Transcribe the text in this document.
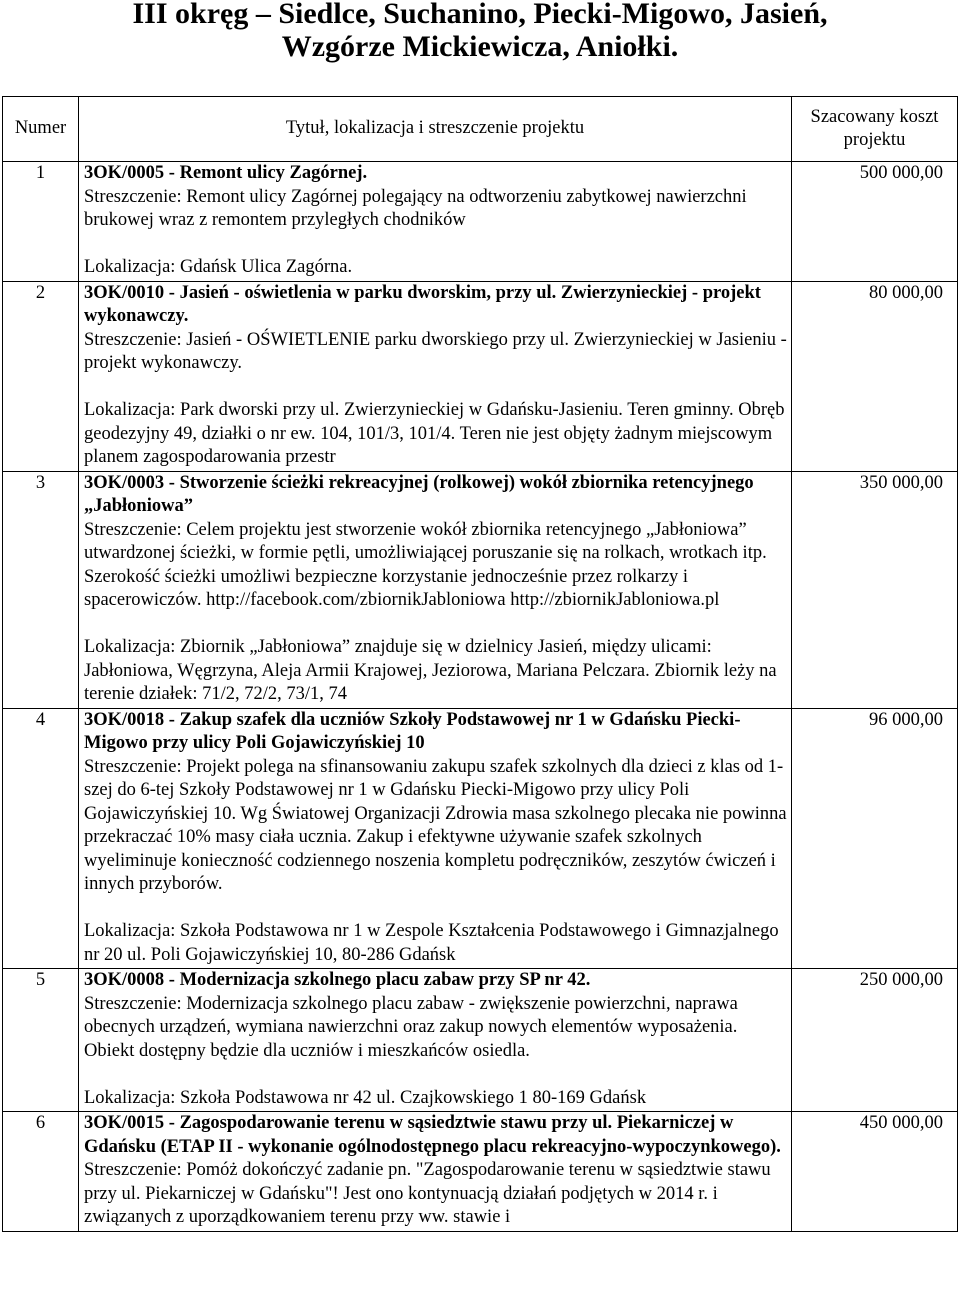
III okręg – Siedlce, Suchanino, Piecki-Migowo, Jasień,
Wzgórze Mickiewicza, Aniołki.
Numer	Tytuł, lokalizacja i streszczenie projektu	Szacowany koszt projektu
1	3OK/0005 - Remont ulicy Zagórnej.
Streszczenie: Remont ulicy Zagórnej polegający na odtworzeniu zabytkowej nawierzchni brukowej wraz z remontem przyległych chodników
Lokalizacja: Gdańsk Ulica Zagórna.	500 000,00
2	3OK/0010 - Jasień - oświetlenia w parku dworskim, przy ul. Zwierzynieckiej - projekt wykonawczy.
Streszczenie: Jasień - OŚWIETLENIE parku dworskiego przy ul. Zwierzynieckiej w Jasieniu - projekt wykonawczy.
Lokalizacja: Park dworski przy ul. Zwierzynieckiej w Gdańsku-Jasieniu. Teren gminny. Obręb geodezyjny 49, działki o nr ew. 104, 101/3, 101/4. Teren nie jest objęty żadnym miejscowym planem zagospodarowania przestr	80 000,00
3	3OK/0003 - Stworzenie ścieżki rekreacyjnej (rolkowej) wokół zbiornika retencyjnego „Jabłoniowa”
Streszczenie: Celem projektu jest stworzenie wokół zbiornika retencyjnego „Jabłoniowa” utwardzonej ścieżki, w formie pętli, umożliwiającej poruszanie się na rolkach, wrotkach itp. Szerokość ścieżki umożliwi bezpieczne korzystanie jednocześnie przez rolkarzy i spacerowiczów. http://facebook.com/zbiornikJabloniowa http://zbiornikJabloniowa.pl
Lokalizacja: Zbiornik „Jabłoniowa” znajduje się w dzielnicy Jasień, między ulicami: Jabłoniowa, Węgrzyna, Aleja Armii Krajowej, Jeziorowa, Mariana Pelczara. Zbiornik leży na terenie działek: 71/2, 72/2, 73/1, 74	350 000,00
4	3OK/0018 - Zakup szafek dla uczniów Szkoły Podstawowej nr 1 w Gdańsku Piecki-Migowo przy ulicy Poli Gojawiczyńskiej 10
Streszczenie: Projekt polega na sfinansowaniu zakupu szafek szkolnych dla dzieci z klas od 1-szej do 6-tej Szkoły Podstawowej nr 1 w Gdańsku Piecki-Migowo przy ulicy Poli Gojawiczyńskiej 10. Wg Światowej Organizacji Zdrowia masa szkolnego plecaka nie powinna przekraczać 10% masy ciała ucznia. Zakup i efektywne używanie szafek szkolnych wyeliminuje konieczność codziennego noszenia kompletu podręczników, zeszytów ćwiczeń i innych przyborów.
Lokalizacja: Szkoła Podstawowa nr 1 w Zespole Kształcenia Podstawowego i Gimnazjalnego nr 20 ul. Poli Gojawiczyńskiej 10, 80-286 Gdańsk	96 000,00
5	3OK/0008 - Modernizacja szkolnego placu zabaw przy SP nr 42.
Streszczenie: Modernizacja szkolnego placu zabaw - zwiększenie powierzchni, naprawa obecnych urządzeń, wymiana nawierzchni oraz zakup nowych elementów wyposażenia. Obiekt dostępny będzie dla uczniów i mieszkańców osiedla.
Lokalizacja: Szkoła Podstawowa nr 42 ul. Czajkowskiego 1 80-169 Gdańsk	250 000,00
6	3OK/0015 - Zagospodarowanie terenu w sąsiedztwie stawu przy ul. Piekarniczej w Gdańsku (ETAP II - wykonanie ogólnodostępnego placu rekreacyjno-wypoczynkowego).
Streszczenie: Pomóż dokończyć zadanie pn. "Zagospodarowanie terenu w sąsiedztwie stawu przy ul. Piekarniczej w Gdańsku"! Jest ono kontynuacją działań podjętych w 2014 r. i związanych z uporządkowaniem terenu przy ww. stawie i	450 000,00
